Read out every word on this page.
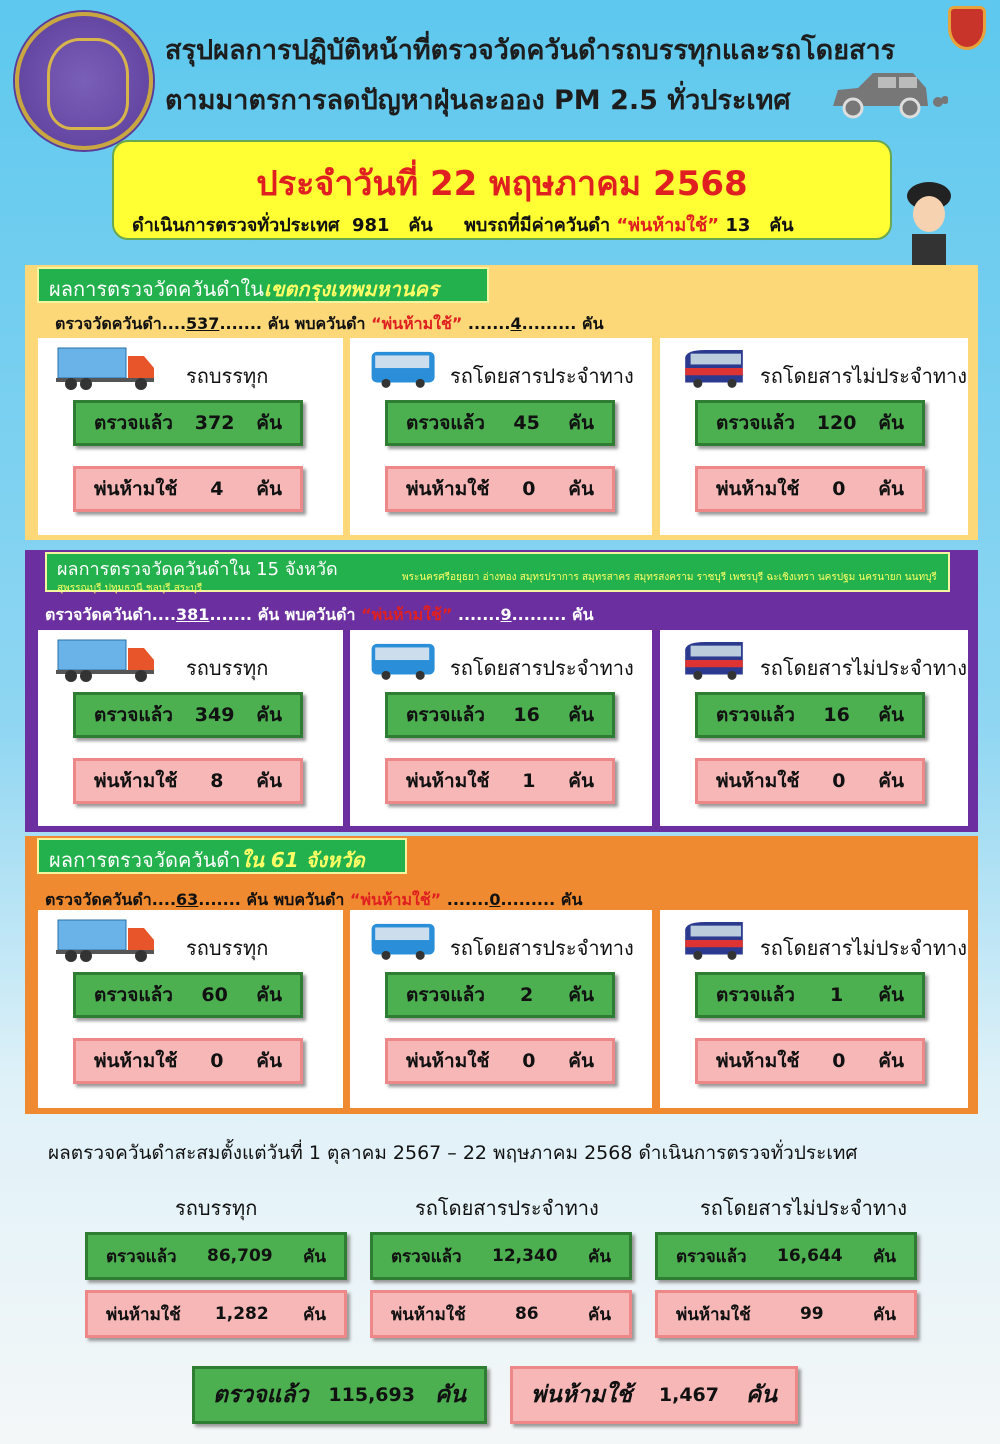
สรุปผลการปฏิบัติหน้าที่ตรวจวัดควันดำรถบรรทุกและรถโดยสาร
ตามมาตรการลดปัญหาฝุ่นละออง PM 2.5 ทั่วประเทศ
ประจำวันที่ 22 พฤษภาคม 2568
ดำเนินการตรวจทั่วประเทศ 981 คัน พบรถที่มีค่าควันดำ “พ่นห้ามใช้” 13 คัน
ผลการตรวจวัดควันดำในเขตกรุงเทพมหานคร
ผลการตรวจวัดควันดำใน 15 จังหวัด	พระนครศรีอยุธยา อ่างทอง สมุทรปราการ สมุทรสาคร สมุทรสงคราม ราชบุรี เพชรบุรี ฉะเชิงเทรา นครปฐม นครนายก นนทบุรี สุพรรณบุรี ปทุมธานี ชลบุรี สระบุรี
ผลการตรวจวัดควันดำใน 61 จังหวัด
ผลตรวจควันดำสะสมตั้งแต่วันที่ 1 ตุลาคม 2567 – 22 พฤษภาคม 2568 ดำเนินการตรวจทั่วประเทศ
รถบรรทุก
ตรวจแล้ว 86,709 คัน
พ่นห้ามใช้ 1,282 คัน
รถโดยสารประจำทาง
ตรวจแล้ว 12,340 คัน
พ่นห้ามใช้	86	คัน
รถโดยสารไม่ประจำทาง
ตรวจแล้ว 16,644 คัน
พ่นห้ามใช้	99	คัน
ตรวจแล้ว 115,693 คัน	พ่นห้ามใช้ 1,467 คัน
ตรวจวัดควันดำ....537....... คัน พบควันดำ “พ่นห้ามใช้” .......4......... คัน
รถบรรทุก
ตรวจแล้ว 372 คัน
พ่นห้ามใช้ 4 คัน
รถโดยสารประจำทาง
ตรวจแล้ว 45 คัน
พ่นห้ามใช้ 0 คัน
รถโดยสารไม่ประจำทาง
ตรวจแล้ว 120 คัน
พ่นห้ามใช้ 0 คัน
ตรวจวัดควันดำ....381....... คัน พบควันดำ “พ่นห้ามใช้” .......9......... คัน
รถบรรทุก
ตรวจแล้ว 349 คัน
พ่นห้ามใช้ 8 คัน
รถโดยสารประจำทาง
ตรวจแล้ว 16 คัน
พ่นห้ามใช้ 1 คัน
รถโดยสารไม่ประจำทาง
ตรวจแล้ว 16 คัน
พ่นห้ามใช้ 0 คัน
ตรวจวัดควันดำ....63....... คัน พบควันดำ “พ่นห้ามใช้” .......0......... คัน
รถบรรทุก
ตรวจแล้ว 60 คัน
พ่นห้ามใช้ 0 คัน
รถโดยสารประจำทาง
ตรวจแล้ว 2 คัน
พ่นห้ามใช้ 0 คัน
รถโดยสารไม่ประจำทาง
ตรวจแล้ว 1 คัน
พ่นห้ามใช้ 0 คัน
